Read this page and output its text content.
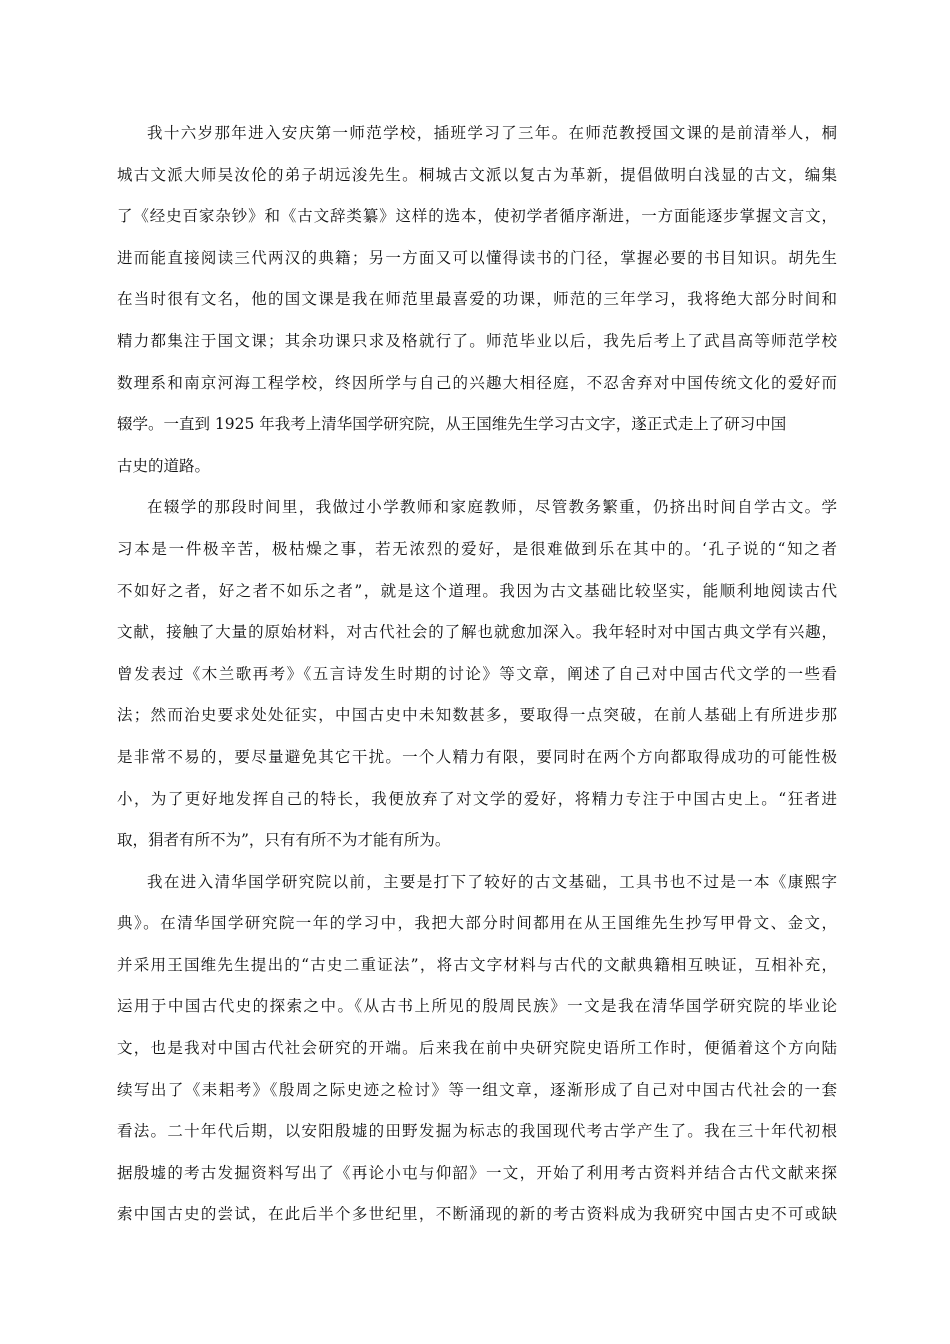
我十六岁那年进入安庆第一师范学校，插班学习了三年。在师范教授国文课的是前清举人，桐
城古文派大师吴汝伦的弟子胡远浚先生。桐城古文派以复古为革新，提倡做明白浅显的古文，编集
了《经史百家杂钞》和《古文辞类纂》这样的选本，使初学者循序渐进，一方面能逐步掌握文言文，
进而能直接阅读三代两汉的典籍；另一方面又可以懂得读书的门径，掌握必要的书目知识。胡先生
在当时很有文名，他的国文课是我在师范里最喜爱的功课，师范的三年学习，我将绝大部分时间和
精力都集注于国文课；其余功课只求及格就行了。师范毕业以后，我先后考上了武昌高等师范学校
数理系和南京河海工程学校，终因所学与自己的兴趣大相径庭，不忍舍弃对中国传统文化的爱好而
辍学。一直到 1925 年我考上清华国学研究院，从王国维先生学习古文字，遂正式走上了研习中国
古史的道路。
在辍学的那段时间里，我做过小学教师和家庭教师，尽管教务繁重，仍挤出时间自学古文。学
习本是一件极辛苦，极枯燥之事，若无浓烈的爱好，是很难做到乐在其中的。‘孔子说的“知之者
不如好之者，好之者不如乐之者”，就是这个道理。我因为古文基础比较坚实，能顺利地阅读古代
文献，接触了大量的原始材料，对古代社会的了解也就愈加深入。我年轻时对中国古典文学有兴趣，
曾发表过《木兰歌再考》《五言诗发生时期的讨论》等文章，阐述了自己对中国古代文学的一些看
法；然而治史要求处处征实，中国古史中未知数甚多，要取得一点突破，在前人基础上有所进步那
是非常不易的，要尽量避免其它干扰。一个人精力有限，要同时在两个方向都取得成功的可能性极
小，为了更好地发挥自己的特长，我便放弃了对文学的爱好，将精力专注于中国古史上。“狂者进
取，狷者有所不为”，只有有所不为才能有所为。
我在进入清华国学研究院以前，主要是打下了较好的古文基础，工具书也不过是一本《康熙字
典》。在清华国学研究院一年的学习中，我把大部分时间都用在从王国维先生抄写甲骨文、金文，
并采用王国维先生提出的“古史二重证法”，将古文字材料与古代的文献典籍相互映证，互相补充，
运用于中国古代史的探索之中。《从古书上所见的殷周民族》一文是我在清华国学研究院的毕业论
文，也是我对中国古代社会研究的开端。后来我在前中央研究院史语所工作时，便循着这个方向陆
续写出了《耒耜考》《殷周之际史迹之检讨》等一组文章，逐渐形成了自己对中国古代社会的一套
看法。二十年代后期，以安阳殷墟的田野发掘为标志的我国现代考古学产生了。我在三十年代初根
据殷墟的考古发掘资料写出了《再论小屯与仰韶》一文，开始了利用考古资料并结合古代文献来探
索中国古史的尝试，在此后半个多世纪里，不断涌现的新的考古资料成为我研究中国古史不可或缺
